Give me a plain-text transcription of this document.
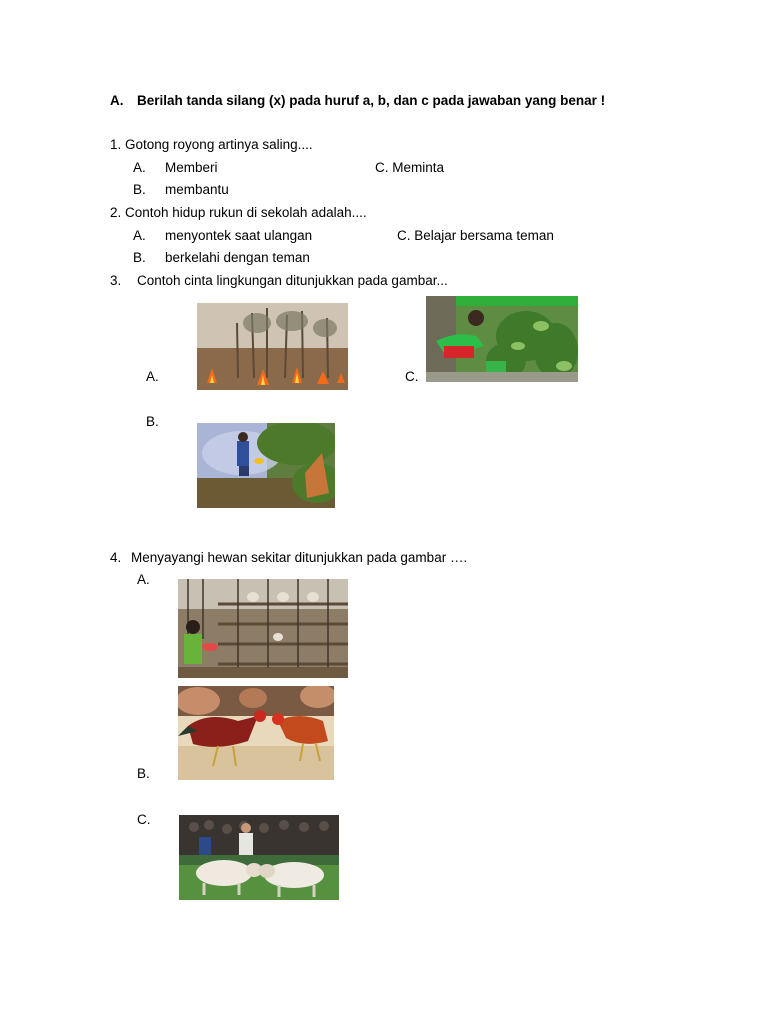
A. Berilah tanda silang (x) pada huruf a, b, dan c pada jawaban yang benar !
1. Gotong royong artinya saling....
A. Memberi	C. Meminta
B. membantu
2. Contoh hidup rukun di sekolah adalah....
A. menyontek saat ulangan	C. Belajar bersama teman
B. berkelahi dengan teman
3. Contoh cinta lingkungan ditunjukkan pada gambar...
A.	C.
B.
4. Menyayangi hewan sekitar ditunjukkan pada gambar ….
A.
B.
C.
